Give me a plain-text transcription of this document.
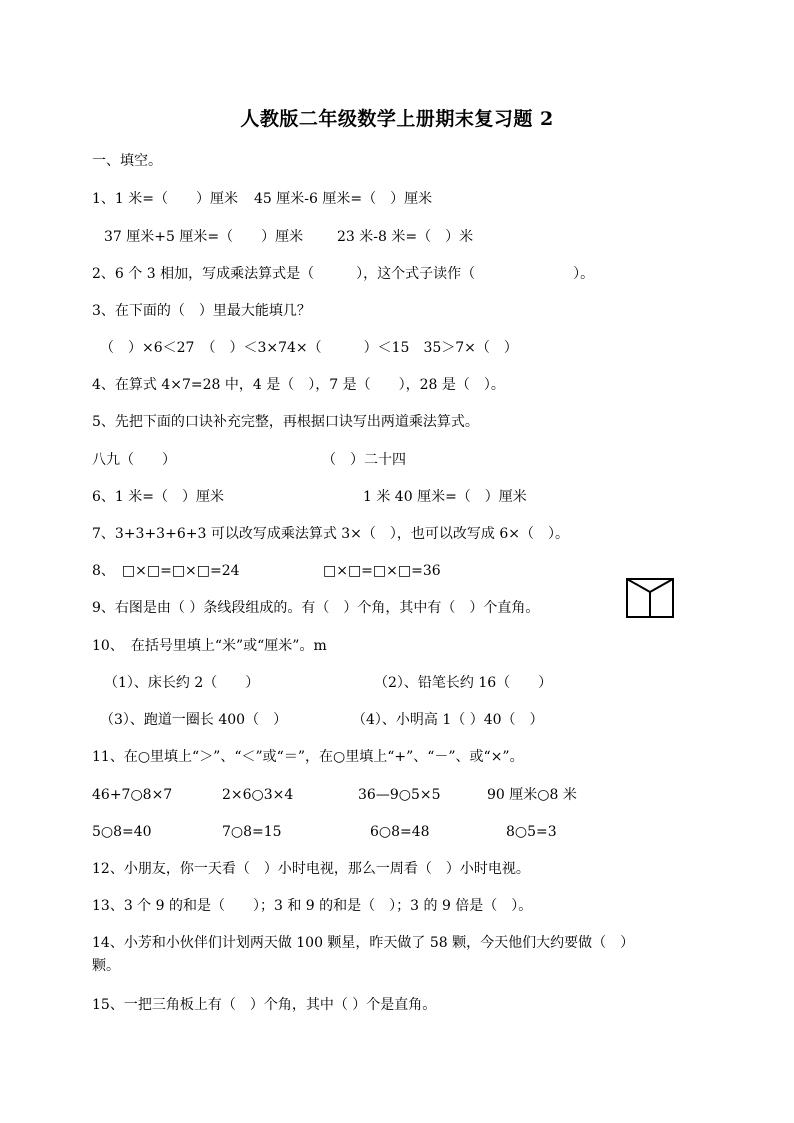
人教版二年级数学上册期末复习题 2
一、填空。
1、1 米=（　　）厘米 45 厘米-6 厘米=（　）厘米
37 厘米+5 厘米=（　　）厘米 23 米-8 米=（　）米
2、6 个 3 相加，写成乘法算式是（　　　），这个式子读作（　　　　　　　）。
3、在下面的（　）里最大能填几？
（　）×6＜27　（　）＜3×74×（　　　）＜15　35＞7×（　）
4、在算式 4×7=28 中，4 是（　），7 是（　　），28 是（　）。
5、先把下面的口诀补充完整，再根据口诀写出两道乘法算式。
八九（　　）	（　）二十四
6、1 米=（　）厘米	1 米 40 厘米=（　）厘米
7、3+3+3+6+3 可以改写成乘法算式 3×（　），也可以改写成 6×（　）。
8、　□×□=□×□=24	□×□=□×□=36
9、右图是由（ ）条线段组成的。有（　）个角，其中有（　）个直角。
10、　在括号里填上“米”或“厘米”。m
（1）、床长约 2（　　）	（2）、铅笔长约 16（　　）
（3）、跑道一圈长 400（　）	（4）、小明高 1（ ）40（　）
11、在○里填上“＞”、“＜”或“＝”，在○里填上“+”、“－”、或“×”。
46+7○8×7	2×6○3×4	36—9○5×5	90 厘米○8 米
5○8=40	7○8=15	6○8=48	8○5=3
12、小朋友，你一天看（　）小时电视，那么一周看（　）小时电视。
13、3 个 9 的和是（　　）；3 和 9 的和是（　）；3 的 9 倍是（　）。
14、小芳和小伙伴们计划两天做 100 颗星，昨天做了 58 颗，今天他们大约要做（　）
颗。
15、一把三角板上有（　）个角，其中（ ）个是直角。
